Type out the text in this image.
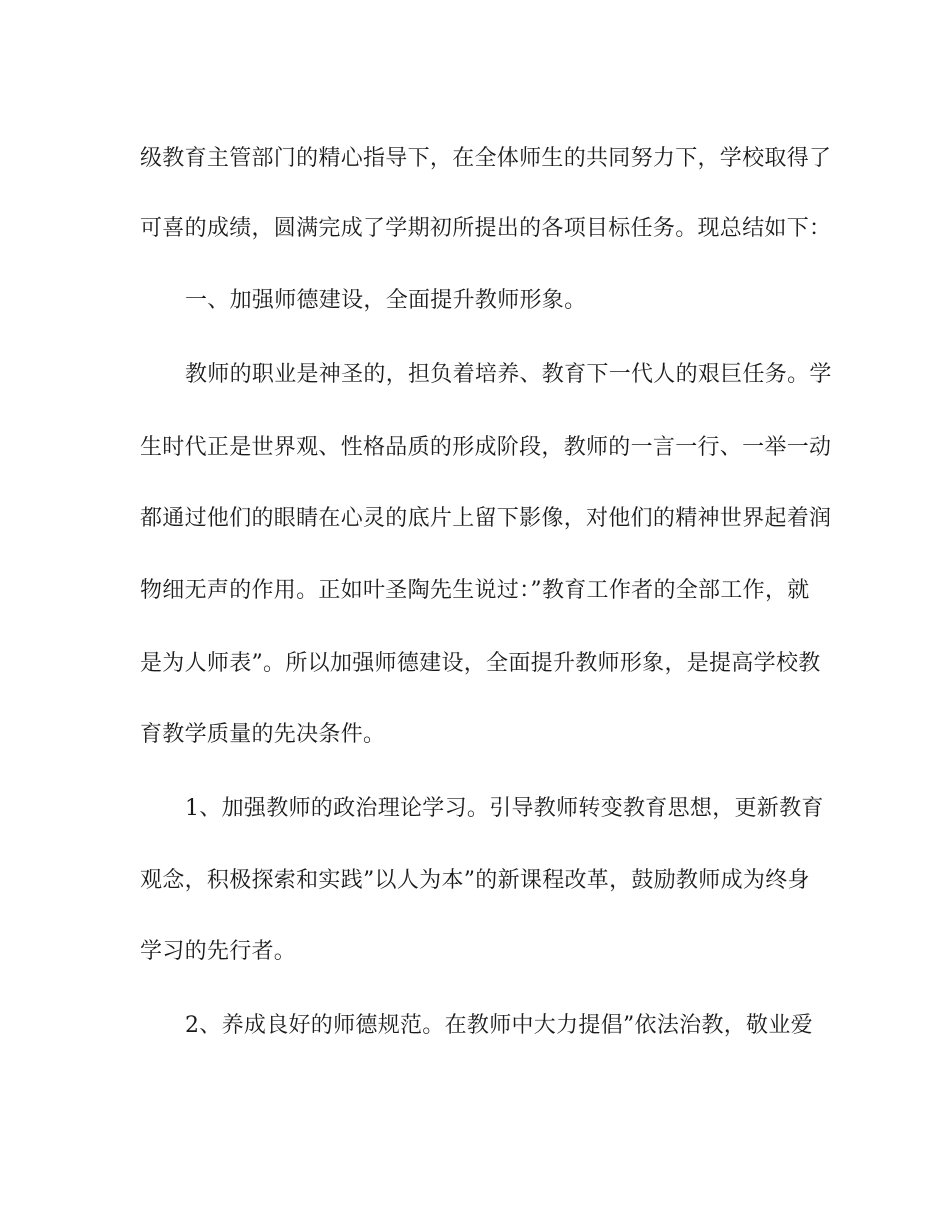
级教育主管部门的精心指导下，在全体师生的共同努力下，学校取得了
可喜的成绩，圆满完成了学期初所提出的各项目标任务。现总结如下：
一、加强师德建设，全面提升教师形象。
教师的职业是神圣的，担负着培养、教育下一代人的艰巨任务。学
生时代正是世界观、性格品质的形成阶段，教师的一言一行、一举一动
都通过他们的眼睛在心灵的底片上留下影像，对他们的精神世界起着润
物细无声的作用。正如叶圣陶先生说过：”教育工作者的全部工作，就
是为人师表”。所以加强师德建设，全面提升教师形象，是提高学校教
育教学质量的先决条件。
1、加强教师的政治理论学习。引导教师转变教育思想，更新教育
观念，积极探索和实践”以人为本”的新课程改革，鼓励教师成为终身
学习的先行者。
2、养成良好的师德规范。在教师中大力提倡”依法治教，敬业爱
